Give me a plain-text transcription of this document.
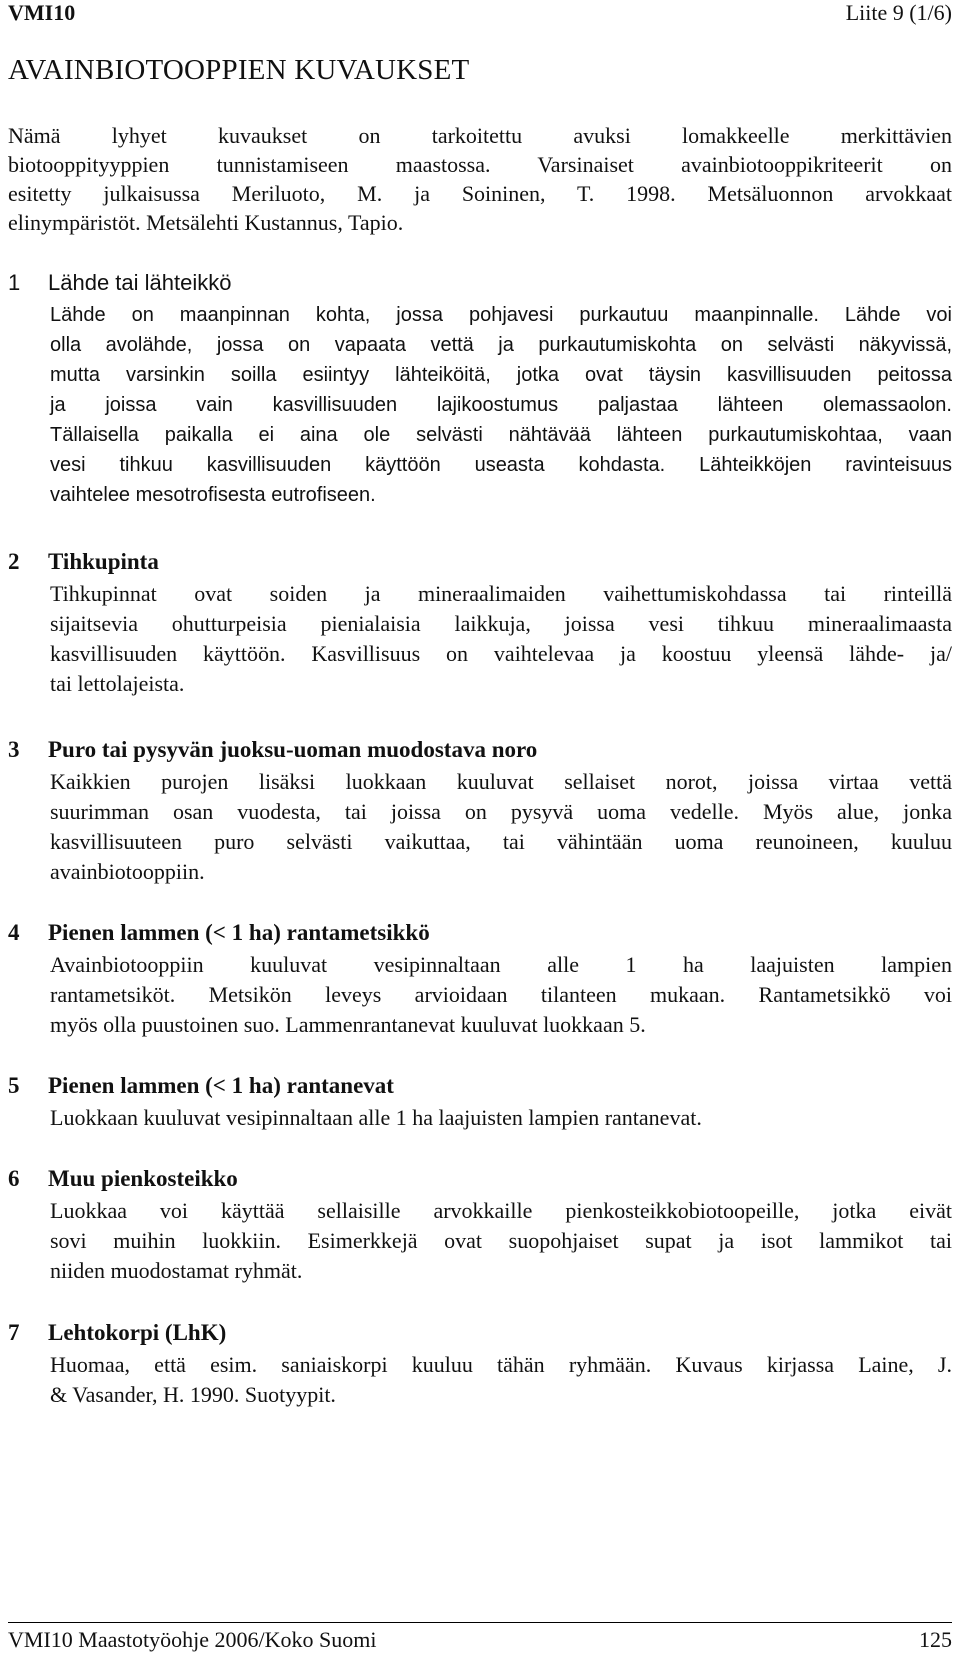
VMI10	Liite 9 (1/6)
AVAINBIOTOOPPIEN KUVAUKSET

Nämä lyhyet kuvaukset on tarkoitettu avuksi lomakkeelle merkittävien
biotooppityyppien tunnistamiseen maastossa. Varsinaiset avainbiotooppikriteerit on
esitetty julkaisussa Meriluoto, M. ja Soininen, T. 1998. Metsäluonnon arvokkaat
elinympäristöt. Metsälehti Kustannus, Tapio.

1 Lähde tai lähteikkö
Lähde on maanpinnan kohta, jossa pohjavesi purkautuu maanpinnalle. Lähde voi
olla avolähde, jossa on vapaata vettä ja purkautumiskohta on selvästi näkyvissä,
mutta varsinkin soilla esiintyy lähteiköitä, jotka ovat täysin kasvillisuuden peitossa
ja joissa vain kasvillisuuden lajikoostumus paljastaa lähteen olemassaolon.
Tällaisella paikalla ei aina ole selvästi nähtävää lähteen purkautumiskohtaa, vaan
vesi tihkuu kasvillisuuden käyttöön useasta kohdasta. Lähteikköjen ravinteisuus
vaihtelee mesotrofisesta eutrofiseen.
2 Tihkupinta
Tihkupinnat ovat soiden ja mineraalimaiden vaihettumiskohdassa tai rinteillä
sijaitsevia ohutturpeisia pienialaisia laikkuja, joissa vesi tihkuu mineraalimaasta
kasvillisuuden käyttöön. Kasvillisuus on vaihtelevaa ja koostuu yleensä lähde- ja/
tai lettolajeista.
3 Puro tai pysyvän juoksu-uoman muodostava noro
Kaikkien purojen lisäksi luokkaan kuuluvat sellaiset norot, joissa virtaa vettä
suurimman osan vuodesta, tai joissa on pysyvä uoma vedelle. Myös alue, jonka
kasvillisuuteen puro selvästi vaikuttaa, tai vähintään uoma reunoineen, kuuluu
avainbiotooppiin.
4 Pienen lammen (< 1 ha) rantametsikkö
Avainbiotooppiin kuuluvat vesipinnaltaan alle 1 ha laajuisten lampien
rantametsiköt. Metsikön leveys arvioidaan tilanteen mukaan. Rantametsikkö voi
myös olla puustoinen suo. Lammenrantanevat kuuluvat luokkaan 5.
5 Pienen lammen (< 1 ha) rantanevat
Luokkaan kuuluvat vesipinnaltaan alle 1 ha laajuisten lampien rantanevat.
6 Muu pienkosteikko
Luokkaa voi käyttää sellaisille arvokkaille pienkosteikkobiotoopeille, jotka eivät
sovi muihin luokkiin. Esimerkkejä ovat suopohjaiset supat ja isot lammikot tai
niiden muodostamat ryhmät.
7 Lehtokorpi (LhK)
Huomaa, että esim. saniaiskorpi kuuluu tähän ryhmään. Kuvaus kirjassa Laine, J.
& Vasander, H. 1990. Suotyypit.
VMI10 Maastotyöohje 2006/Koko Suomi	125
